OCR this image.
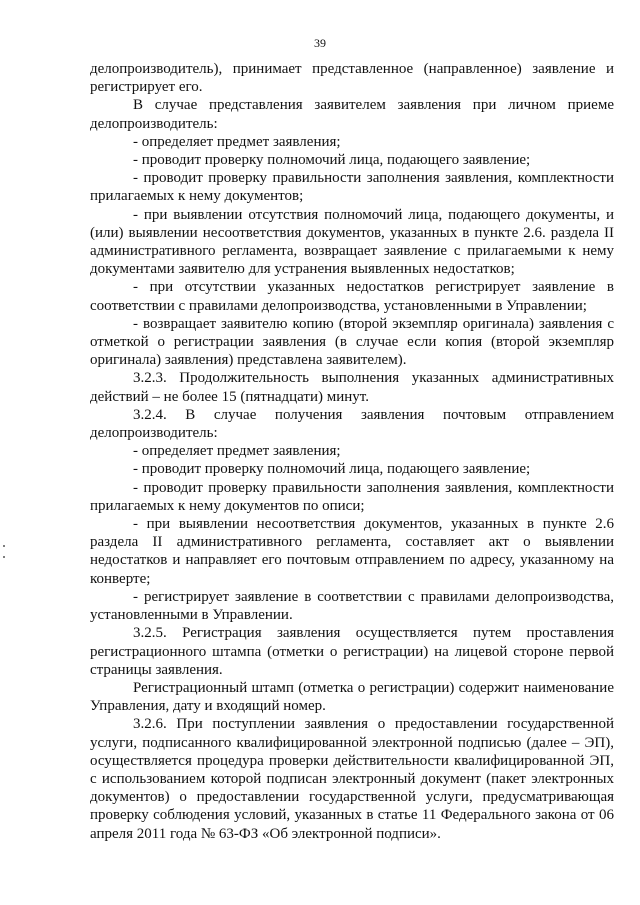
39

делопроизводитель), принимает представленное (направленное) заявление и регистрирует его.

В случае представления заявителем заявления при личном приеме делопроизводитель:

- определяет предмет заявления;

- проводит проверку полномочий лица, подающего заявление;

- проводит проверку правильности заполнения заявления, комплектности прилагаемых к нему документов;

- при выявлении отсутствия полномочий лица, подающего документы, и (или) выявлении несоответствия документов, указанных в пункте 2.6. раздела II административного регламента, возвращает заявление с прилагаемыми к нему документами заявителю для устранения выявленных недостатков;

- при отсутствии указанных недостатков регистрирует заявление в соответствии с правилами делопроизводства, установленными в Управлении;

- возвращает заявителю копию (второй экземпляр оригинала) заявления с отметкой о регистрации заявления (в случае если копия (второй экземпляр оригинала) заявления) представлена заявителем).

3.2.3. Продолжительность выполнения указанных административных действий – не более 15 (пятнадцати) минут.

3.2.4. В случае получения заявления почтовым отправлением делопроизводитель:

- определяет предмет заявления;

- проводит проверку полномочий лица, подающего заявление;

- проводит проверку правильности заполнения заявления, комплектности прилагаемых к нему документов по описи;

- при выявлении несоответствия документов, указанных в пункте 2.6 раздела II административного регламента, составляет акт о выявлении недостатков и направляет его почтовым отправлением по адресу, указанному на конверте;

- регистрирует заявление в соответствии с правилами делопроизводства, установленными в Управлении.

3.2.5. Регистрация заявления осуществляется путем проставления регистрационного штампа (отметки о регистрации) на лицевой стороне первой страницы заявления.

Регистрационный штамп (отметка о регистрации) содержит наименование Управления, дату и входящий номер.

3.2.6. При поступлении заявления о предоставлении государственной услуги, подписанного квалифицированной электронной подписью (далее – ЭП), осуществляется процедура проверки действительности квалифицированной ЭП, с использованием которой подписан электронный документ (пакет электронных документов) о предоставлении государственной услуги, предусматривающая проверку соблюдения условий, указанных в статье 11 Федерального закона от 06 апреля 2011 года № 63-ФЗ «Об электронной подписи».
